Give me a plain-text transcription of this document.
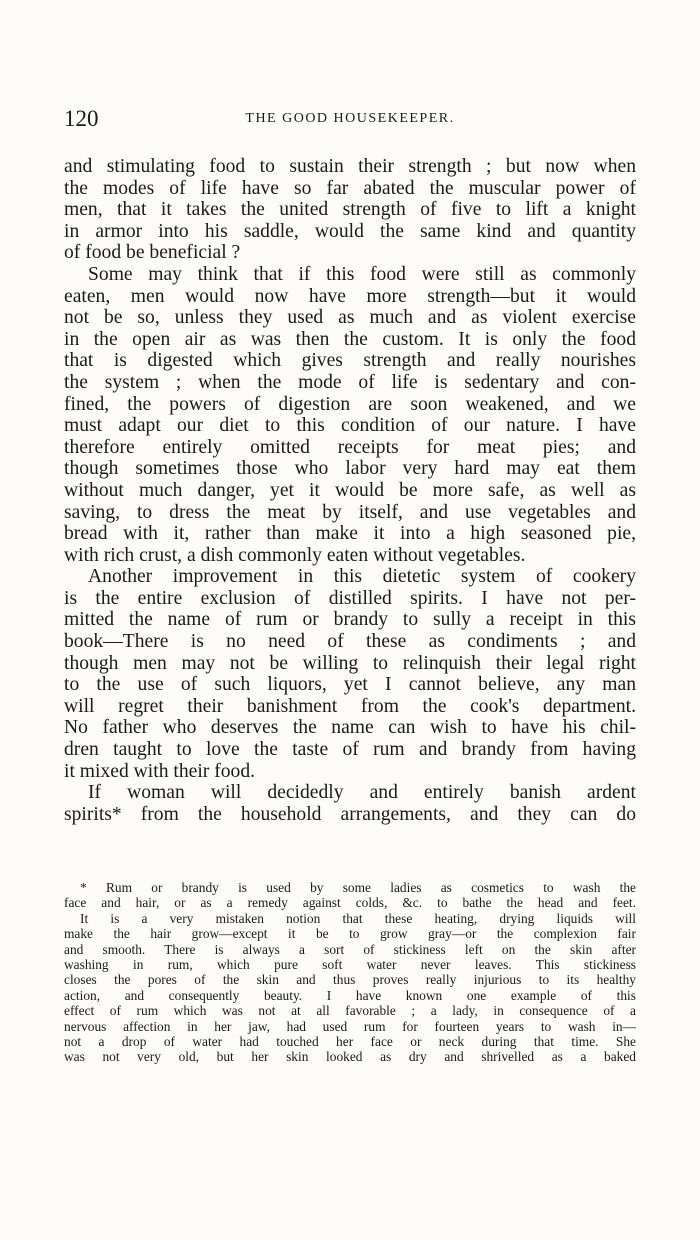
120	THE GOOD HOUSEKEEPER.
and stimulating food to sustain their strength ; but now when
the modes of life have so far abated the muscular power of
men, that it takes the united strength of five to lift a knight
in armor into his saddle, would the same kind and quantity
of food be beneficial ?
Some may think that if this food were still as commonly
eaten, men would now have more strength—but it would
not be so, unless they used as much and as violent exercise
in the open air as was then the custom. It is only the food
that is digested which gives strength and really nourishes
the system ; when the mode of life is sedentary and con-
fined, the powers of digestion are soon weakened, and we
must adapt our diet to this condition of our nature. I have
therefore entirely omitted receipts for meat pies; and
though sometimes those who labor very hard may eat them
without much danger, yet it would be more safe, as well as
saving, to dress the meat by itself, and use vegetables and
bread with it, rather than make it into a high seasoned pie,
with rich crust, a dish commonly eaten without vegetables.
Another improvement in this dietetic system of cookery
is the entire exclusion of distilled spirits. I have not per-
mitted the name of rum or brandy to sully a receipt in this
book—There is no need of these as condiments ; and
though men may not be willing to relinquish their legal right
to the use of such liquors, yet I cannot believe, any man
will regret their banishment from the cook's department.
No father who deserves the name can wish to have his chil-
dren taught to love the taste of rum and brandy from having
it mixed with their food.
If woman will decidedly and entirely banish ardent
spirits* from the household arrangements, and they can do
* Rum or brandy is used by some ladies as cosmetics to wash the
face and hair, or as a remedy against colds, &c. to bathe the head and feet.
It is a very mistaken notion that these heating, drying liquids will
make the hair grow—except it be to grow gray—or the complexion fair
and smooth. There is always a sort of stickiness left on the skin after
washing in rum, which pure soft water never leaves. This stickiness
closes the pores of the skin and thus proves really injurious to its healthy
action, and consequently beauty. I have known one example of this
effect of rum which was not at all favorable ; a lady, in consequence of a
nervous affection in her jaw, had used rum for fourteen years to wash in—
not a drop of water had touched her face or neck during that time. She
was not very old, but her skin looked as dry and shrivelled as a baked
